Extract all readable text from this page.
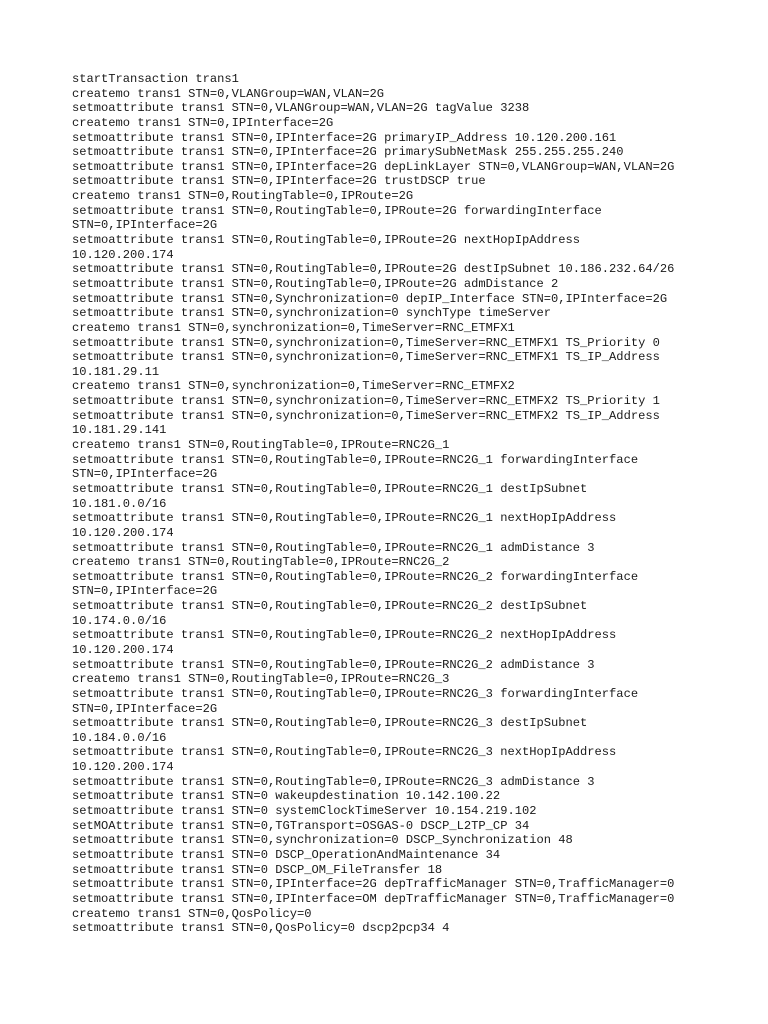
startTransaction trans1
createmo trans1 STN=0,VLANGroup=WAN,VLAN=2G
setmoattribute trans1 STN=0,VLANGroup=WAN,VLAN=2G tagValue 3238
createmo trans1 STN=0,IPInterface=2G
setmoattribute trans1 STN=0,IPInterface=2G primaryIP_Address 10.120.200.161
setmoattribute trans1 STN=0,IPInterface=2G primarySubNetMask 255.255.255.240
setmoattribute trans1 STN=0,IPInterface=2G depLinkLayer STN=0,VLANGroup=WAN,VLAN=2G
setmoattribute trans1 STN=0,IPInterface=2G trustDSCP true
createmo trans1 STN=0,RoutingTable=0,IPRoute=2G
setmoattribute trans1 STN=0,RoutingTable=0,IPRoute=2G forwardingInterface
STN=0,IPInterface=2G
setmoattribute trans1 STN=0,RoutingTable=0,IPRoute=2G nextHopIpAddress
10.120.200.174
setmoattribute trans1 STN=0,RoutingTable=0,IPRoute=2G destIpSubnet 10.186.232.64/26
setmoattribute trans1 STN=0,RoutingTable=0,IPRoute=2G admDistance 2
setmoattribute trans1 STN=0,Synchronization=0 depIP_Interface STN=0,IPInterface=2G
setmoattribute trans1 STN=0,synchronization=0 synchType timeServer
createmo trans1 STN=0,synchronization=0,TimeServer=RNC_ETMFX1
setmoattribute trans1 STN=0,synchronization=0,TimeServer=RNC_ETMFX1 TS_Priority 0
setmoattribute trans1 STN=0,synchronization=0,TimeServer=RNC_ETMFX1 TS_IP_Address
10.181.29.11
createmo trans1 STN=0,synchronization=0,TimeServer=RNC_ETMFX2
setmoattribute trans1 STN=0,synchronization=0,TimeServer=RNC_ETMFX2 TS_Priority 1
setmoattribute trans1 STN=0,synchronization=0,TimeServer=RNC_ETMFX2 TS_IP_Address
10.181.29.141
createmo trans1 STN=0,RoutingTable=0,IPRoute=RNC2G_1
setmoattribute trans1 STN=0,RoutingTable=0,IPRoute=RNC2G_1 forwardingInterface
STN=0,IPInterface=2G
setmoattribute trans1 STN=0,RoutingTable=0,IPRoute=RNC2G_1 destIpSubnet
10.181.0.0/16
setmoattribute trans1 STN=0,RoutingTable=0,IPRoute=RNC2G_1 nextHopIpAddress
10.120.200.174
setmoattribute trans1 STN=0,RoutingTable=0,IPRoute=RNC2G_1 admDistance 3
createmo trans1 STN=0,RoutingTable=0,IPRoute=RNC2G_2
setmoattribute trans1 STN=0,RoutingTable=0,IPRoute=RNC2G_2 forwardingInterface
STN=0,IPInterface=2G
setmoattribute trans1 STN=0,RoutingTable=0,IPRoute=RNC2G_2 destIpSubnet
10.174.0.0/16
setmoattribute trans1 STN=0,RoutingTable=0,IPRoute=RNC2G_2 nextHopIpAddress
10.120.200.174
setmoattribute trans1 STN=0,RoutingTable=0,IPRoute=RNC2G_2 admDistance 3
createmo trans1 STN=0,RoutingTable=0,IPRoute=RNC2G_3
setmoattribute trans1 STN=0,RoutingTable=0,IPRoute=RNC2G_3 forwardingInterface
STN=0,IPInterface=2G
setmoattribute trans1 STN=0,RoutingTable=0,IPRoute=RNC2G_3 destIpSubnet
10.184.0.0/16
setmoattribute trans1 STN=0,RoutingTable=0,IPRoute=RNC2G_3 nextHopIpAddress
10.120.200.174
setmoattribute trans1 STN=0,RoutingTable=0,IPRoute=RNC2G_3 admDistance 3
setmoattribute trans1 STN=0 wakeupdestination 10.142.100.22
setmoattribute trans1 STN=0 systemClockTimeServer 10.154.219.102
setMOAttribute trans1 STN=0,TGTransport=OSGAS-0 DSCP_L2TP_CP 34
setmoattribute trans1 STN=0,synchronization=0 DSCP_Synchronization 48
setmoattribute trans1 STN=0 DSCP_OperationAndMaintenance 34
setmoattribute trans1 STN=0 DSCP_OM_FileTransfer 18
setmoattribute trans1 STN=0,IPInterface=2G depTrafficManager STN=0,TrafficManager=0
setmoattribute trans1 STN=0,IPInterface=OM depTrafficManager STN=0,TrafficManager=0
createmo trans1 STN=0,QosPolicy=0
setmoattribute trans1 STN=0,QosPolicy=0 dscp2pcp34 4
